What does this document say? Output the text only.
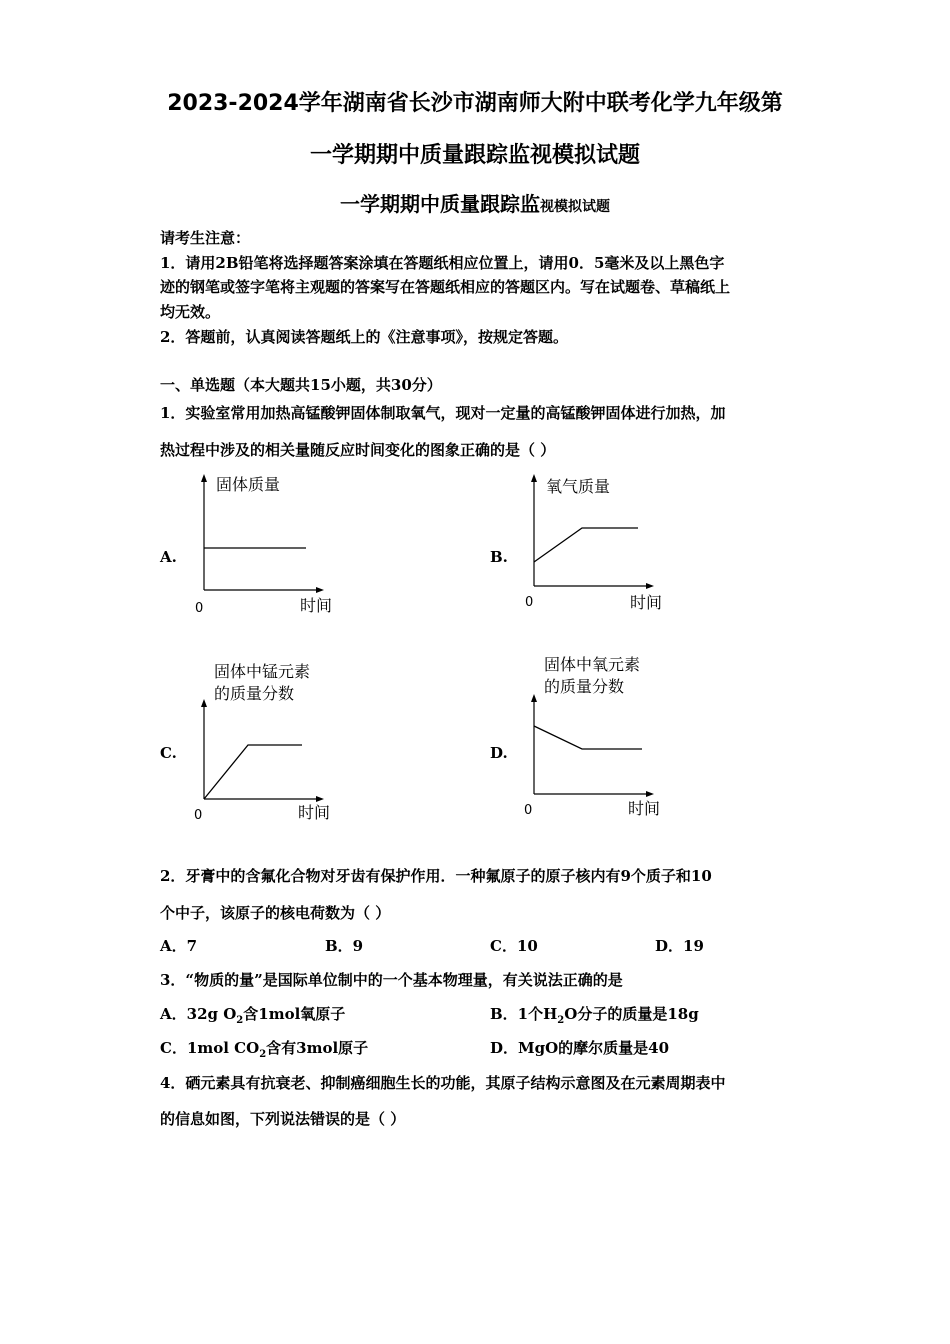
2023-2024学年湖南省长沙市湖南师大附中联考化学九年级第
一学期期中质量跟踪监视模拟试题
一学期期中质量跟踪监视模拟试题
请考生注意：
1．请用2B铅笔将选择题答案涂填在答题纸相应位置上，请用0．5毫米及以上黑色字
迹的钢笔或签字笔将主观题的答案写在答题纸相应的答题区内。写在试题卷、草稿纸上
均无效。
2．答题前，认真阅读答题纸上的《注意事项》，按规定答题。
一、单选题（本大题共15小题，共30分）
1．实验室常用加热高锰酸钾固体制取氧气，现对一定量的高锰酸钾固体进行加热，加
热过程中涉及的相关量随反应时间变化的图象正确的是（ ）
A.
固体质量
0	时间
B.
氧气质量
0	时间
C.
固体中锰元素
的质量分数
0	时间
D.
固体中氧元素
的质量分数
0	时间
2．牙膏中的含氟化合物对牙齿有保护作用．一种氟原子的原子核内有9个质子和10
个中子，该原子的核电荷数为（ ）
A．7	B．9	C．10	D．19
3．“物质的量”是国际单位制中的一个基本物理量，有关说法正确的是
A．32g $O_2$含1mol氧原子	B．1个$H_2O$分子的质量是18g
C．1mol $CO_2$含有3mol原子	D．MgO的摩尔质量是40
4．硒元素具有抗衰老、抑制癌细胞生长的功能，其原子结构示意图及在元素周期表中
的信息如图，下列说法错误的是（ ）
